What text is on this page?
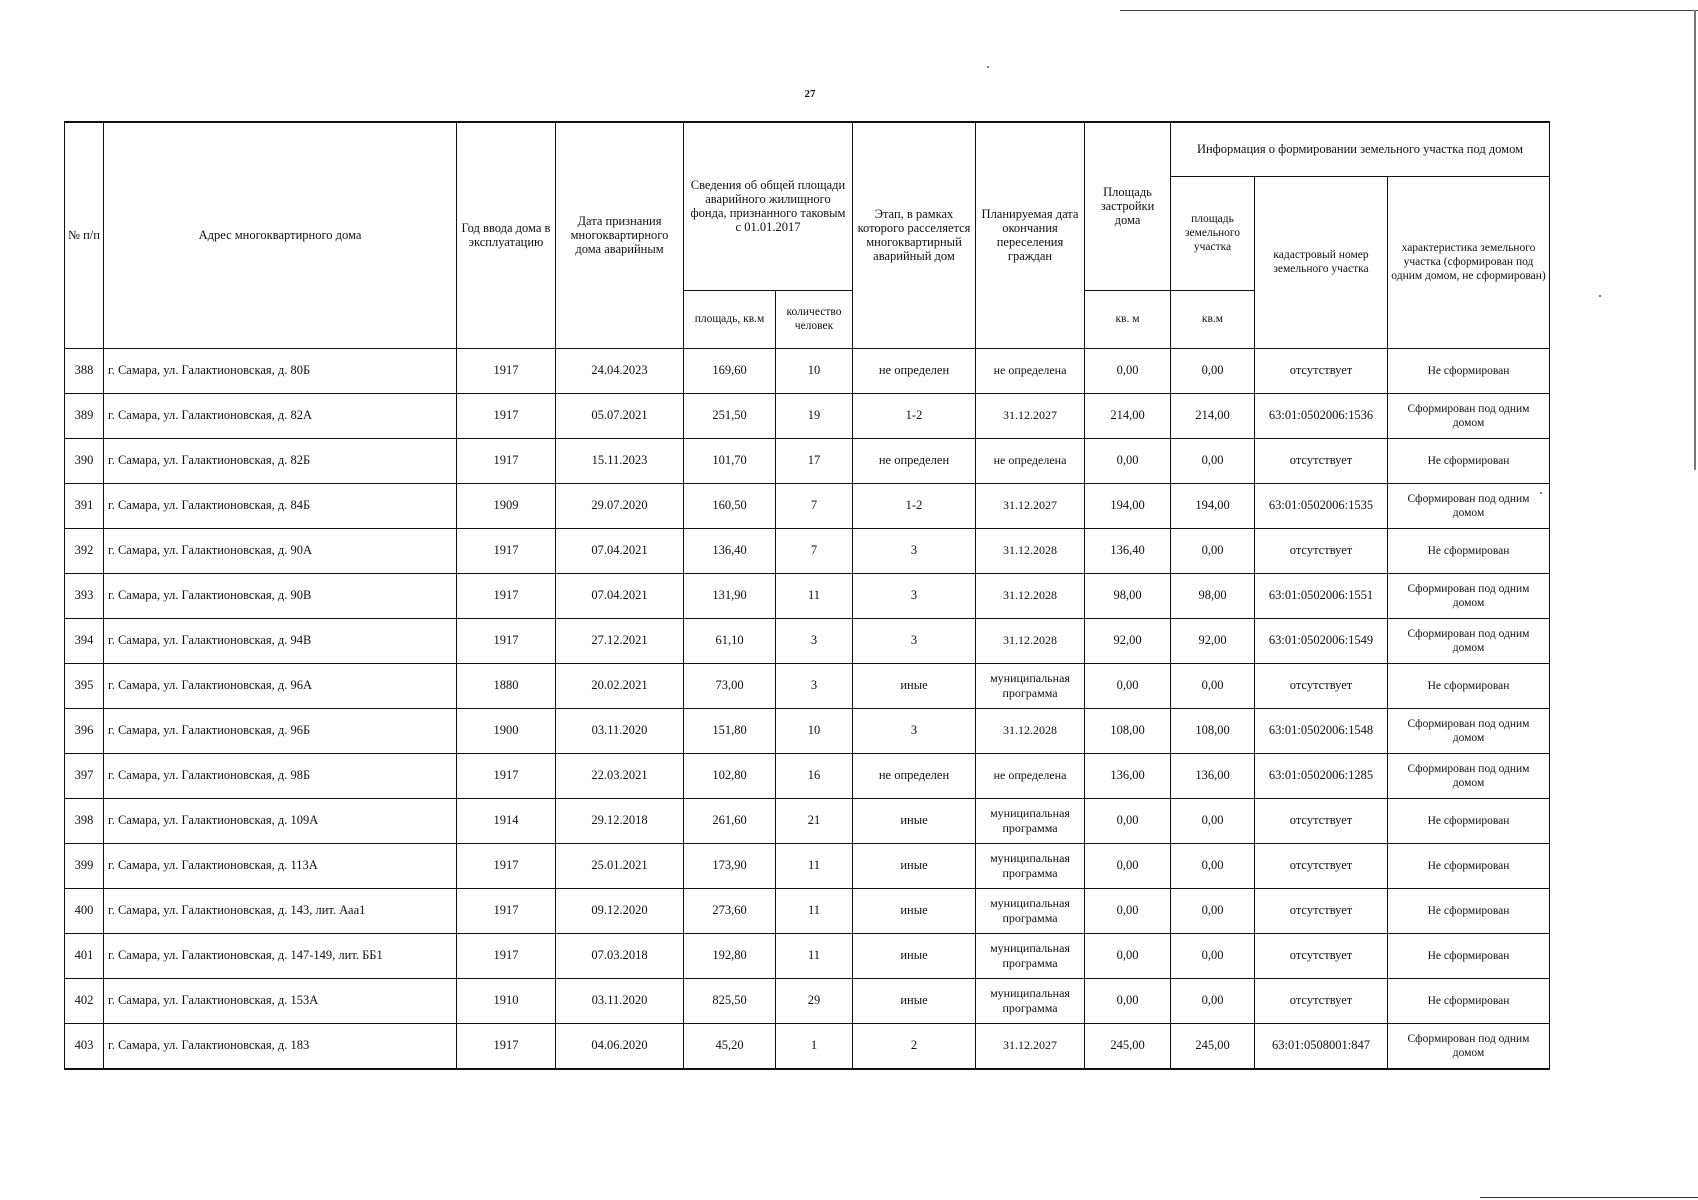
27
№ п/п	Адрес многоквартирного дома	Год ввода дома в эксплуатацию	Дата признания многоквартирного дома аварийным	Сведения об общей площади аварийного жилищного фонда, признанного таковым с 01.01.2017		Этап, в рамках которого расселяется многоквартирный аварийный дом	Планируемая дата окончания переселения граждан	Площадь застройки дома	Информация о формировании земельного участка под домом		
									площадь земельного участка	кадастровый номер земельного участка	характеристика земельного участка (сформирован под одним домом, не сформирован)
				площадь, кв.м	количество человек			кв. м	кв.м		
388	г. Самара, ул. Галактионовская, д. 80Б	1917	24.04.2023	169,60	10	не определен	не определена	0,00	0,00	отсутствует	Не сформирован
389	г. Самара, ул. Галактионовская, д. 82А	1917	05.07.2021	251,50	19	1-2	31.12.2027	214,00	214,00	63:01:0502006:1536	Сформирован под одним домом
390	г. Самара, ул. Галактионовская, д. 82Б	1917	15.11.2023	101,70	17	не определен	не определена	0,00	0,00	отсутствует	Не сформирован
391	г. Самара, ул. Галактионовская, д. 84Б	1909	29.07.2020	160,50	7	1-2	31.12.2027	194,00	194,00	63:01:0502006:1535	Сформирован под одним домом
392	г. Самара, ул. Галактионовская, д. 90А	1917	07.04.2021	136,40	7	3	31.12.2028	136,40	0,00	отсутствует	Не сформирован
393	г. Самара, ул. Галактионовская, д. 90В	1917	07.04.2021	131,90	11	3	31.12.2028	98,00	98,00	63:01:0502006:1551	Сформирован под одним домом
394	г. Самара, ул. Галактионовская, д. 94В	1917	27.12.2021	61,10	3	3	31.12.2028	92,00	92,00	63:01:0502006:1549	Сформирован под одним домом
395	г. Самара, ул. Галактионовская, д. 96А	1880	20.02.2021	73,00	3	иные	муниципальная программа	0,00	0,00	отсутствует	Не сформирован
396	г. Самара, ул. Галактионовская, д. 96Б	1900	03.11.2020	151,80	10	3	31.12.2028	108,00	108,00	63:01:0502006:1548	Сформирован под одним домом
397	г. Самара, ул. Галактионовская, д. 98Б	1917	22.03.2021	102,80	16	не определен	не определена	136,00	136,00	63:01:0502006:1285	Сформирован под одним домом
398	г. Самара, ул. Галактионовская, д. 109А	1914	29.12.2018	261,60	21	иные	муниципальная программа	0,00	0,00	отсутствует	Не сформирован
399	г. Самара, ул. Галактионовская, д. 113А	1917	25.01.2021	173,90	11	иные	муниципальная программа	0,00	0,00	отсутствует	Не сформирован
400	г. Самара, ул. Галактионовская, д. 143, лит. Ааа1	1917	09.12.2020	273,60	11	иные	муниципальная программа	0,00	0,00	отсутствует	Не сформирован
401	г. Самара, ул. Галактионовская, д. 147-149, лит. ББ1	1917	07.03.2018	192,80	11	иные	муниципальная программа	0,00	0,00	отсутствует	Не сформирован
402	г. Самара, ул. Галактионовская, д. 153А	1910	03.11.2020	825,50	29	иные	муниципальная программа	0,00	0,00	отсутствует	Не сформирован
403	г. Самара, ул. Галактионовская, д. 183	1917	04.06.2020	45,20	1	2	31.12.2027	245,00	245,00	63:01:0508001:847	Сформирован под одним домом
